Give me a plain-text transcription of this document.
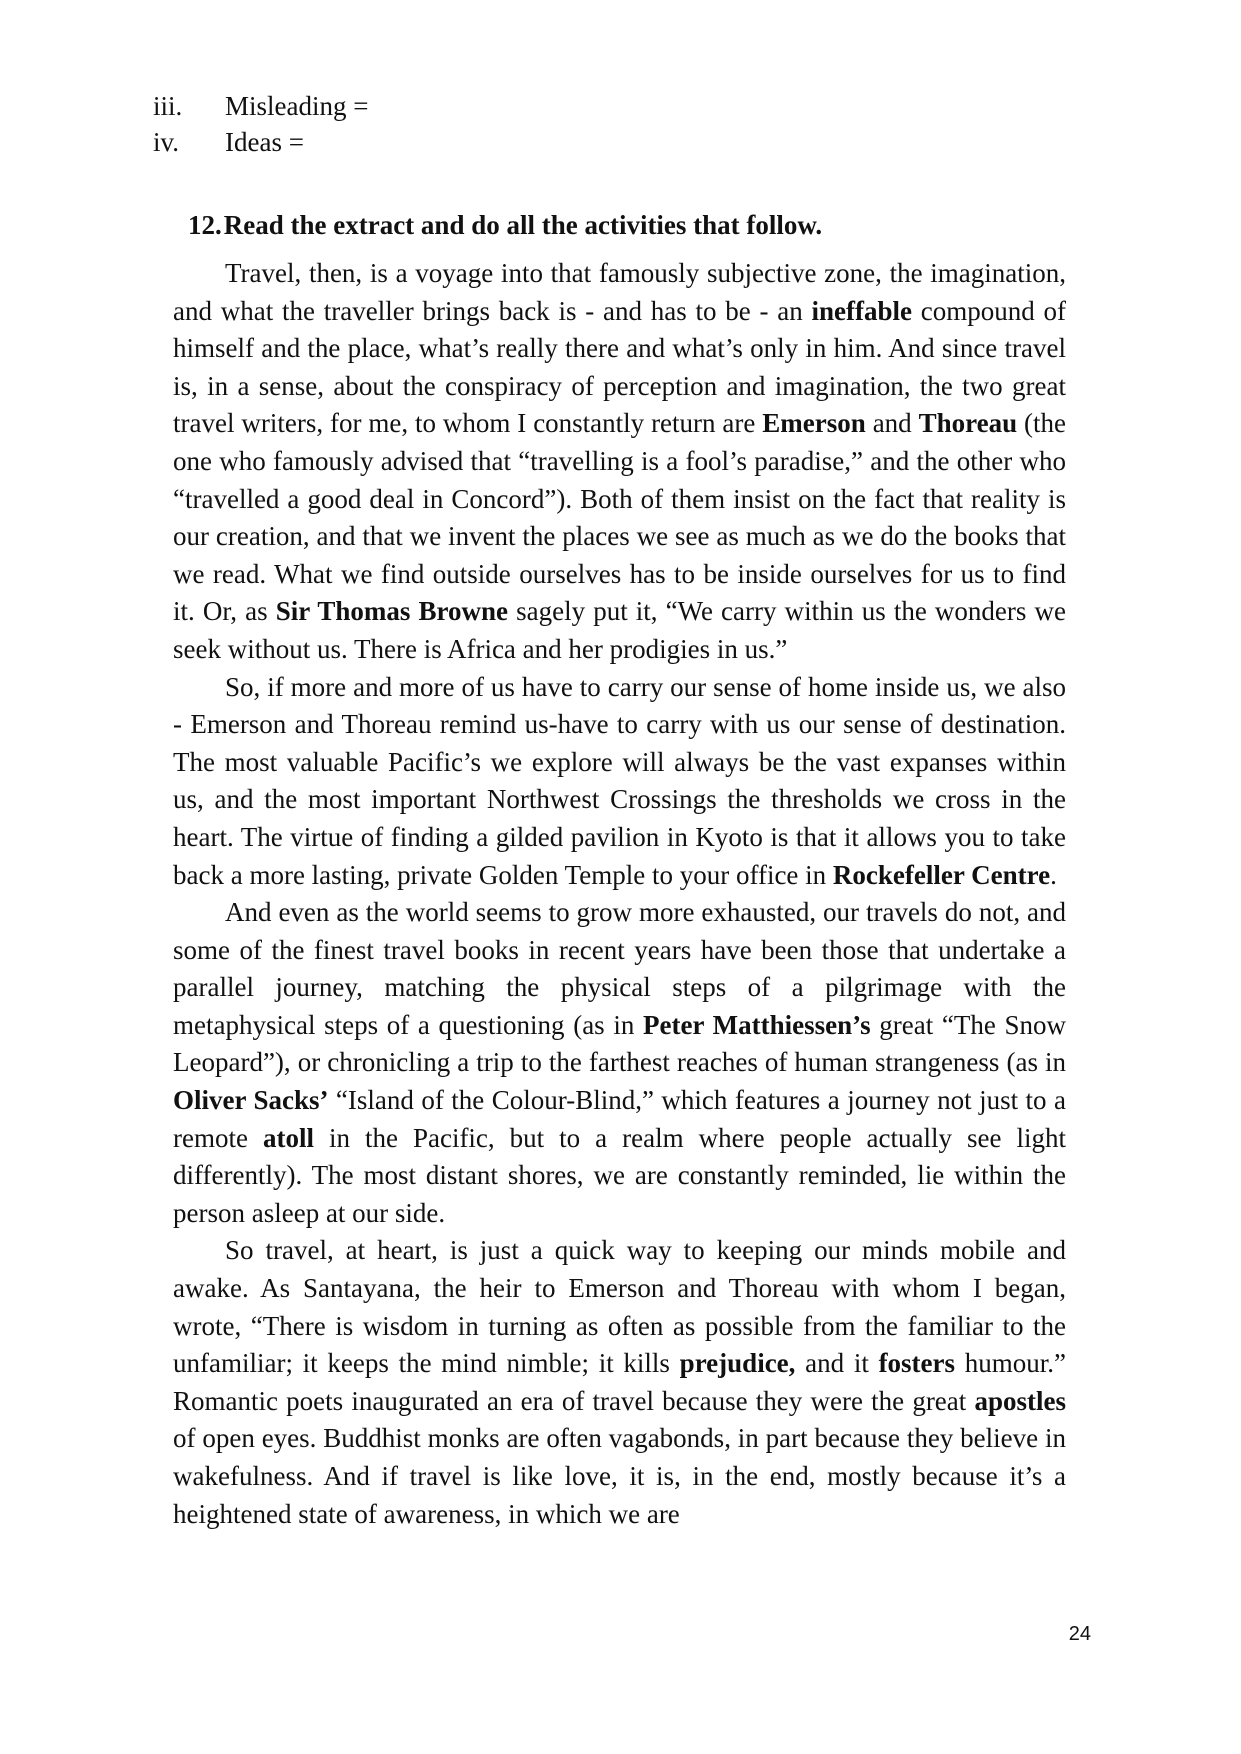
iii.	Misleading =
iv.	Ideas =
12.Read the extract and do all the activities that follow.

Travel, then, is a voyage into that famously subjective zone, the imagination, and what the traveller brings back is - and has to be - an ineffable compound of himself and the place, what’s really there and what’s only in him. And since travel is, in a sense, about the conspiracy of perception and imagination, the two great travel writers, for me, to whom I constantly return are Emerson and Thoreau (the one who famously advised that “travelling is a fool’s paradise,” and the other who “travelled a good deal in Concord”). Both of them insist on the fact that reality is our creation, and that we invent the places we see as much as we do the books that we read. What we find outside ourselves has to be inside ourselves for us to find it. Or, as Sir Thomas Browne sagely put it, “We carry within us the wonders we seek without us. There is Africa and her prodigies in us.”

So, if more and more of us have to carry our sense of home inside us, we also - Emerson and Thoreau remind us-have to carry with us our sense of destination. The most valuable Pacific’s we explore will always be the vast expanses within us, and the most important Northwest Crossings the thresholds we cross in the heart. The virtue of finding a gilded pavilion in Kyoto is that it allows you to take back a more lasting, private Golden Temple to your office in Rockefeller Centre.

And even as the world seems to grow more exhausted, our travels do not, and some of the finest travel books in recent years have been those that undertake a parallel journey, matching the physical steps of a pilgrimage with the metaphysical steps of a questioning (as in Peter Matthiessen’s great “The Snow Leopard”), or chronicling a trip to the farthest reaches of human strangeness (as in Oliver Sacks’ “Island of the Colour-Blind,” which features a journey not just to a remote atoll in the Pacific, but to a realm where people actually see light differently). The most distant shores, we are constantly reminded, lie within the person asleep at our side.

So travel, at heart, is just a quick way to keeping our minds mobile and awake. As Santayana, the heir to Emerson and Thoreau with whom I began, wrote, “There is wisdom in turning as often as possible from the familiar to the unfamiliar; it keeps the mind nimble; it kills prejudice, and it fosters humour.” Romantic poets inaugurated an era of travel because they were the great apostles of open eyes. Buddhist monks are often vagabonds, in part because they believe in wakefulness. And if travel is like love, it is, in the end, mostly because it’s a heightened state of awareness, in which we are

24
